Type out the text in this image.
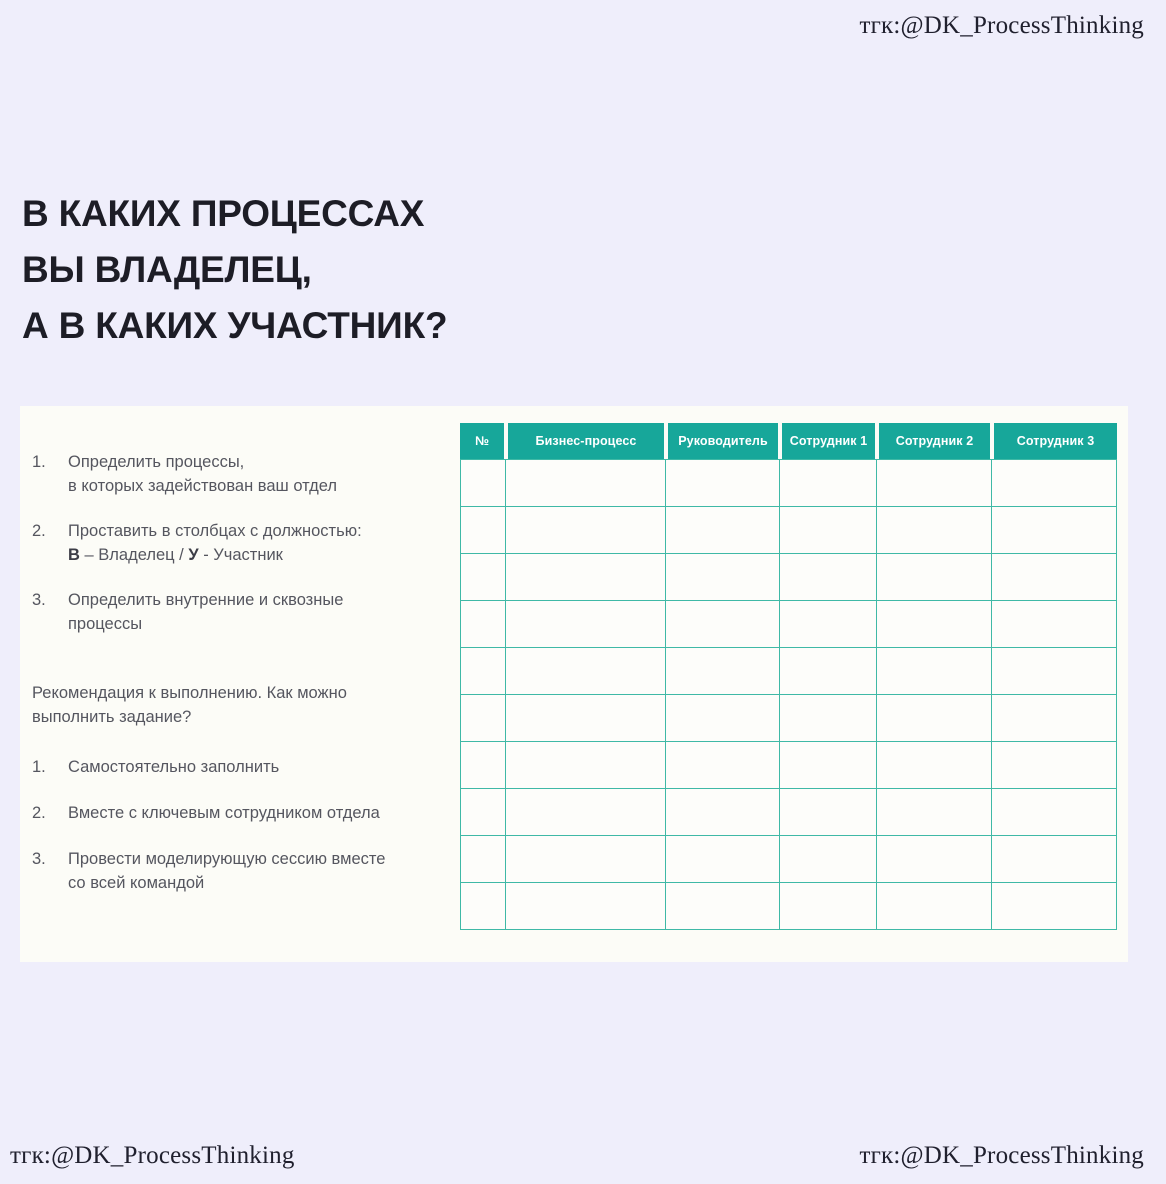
тгк:@DK_ProcessThinking
тгк:@DK_ProcessThinking	тгк:@DK_ProcessThinking
В КАКИХ ПРОЦЕССАХ
ВЫ ВЛАДЕЛЕЦ,
А В КАКИХ УЧАСТНИК?
1.	Определить процессы,
в которых задействован ваш отдел
2.	Проставить в столбцах с должностью:
В – Владелец / У - Участник
3.	Определить внутренние и сквозные
процессы
Рекомендация к выполнению. Как можно
выполнить задание?
1.	Самостоятельно заполнить
2.	Вместе с ключевым сотрудником отдела
3.	Провести моделирующую сессию вместе
со всей командой
№	Бизнес-процесс	Руководитель	Сотрудник 1	Сотрудник 2	Сотрудник 3
